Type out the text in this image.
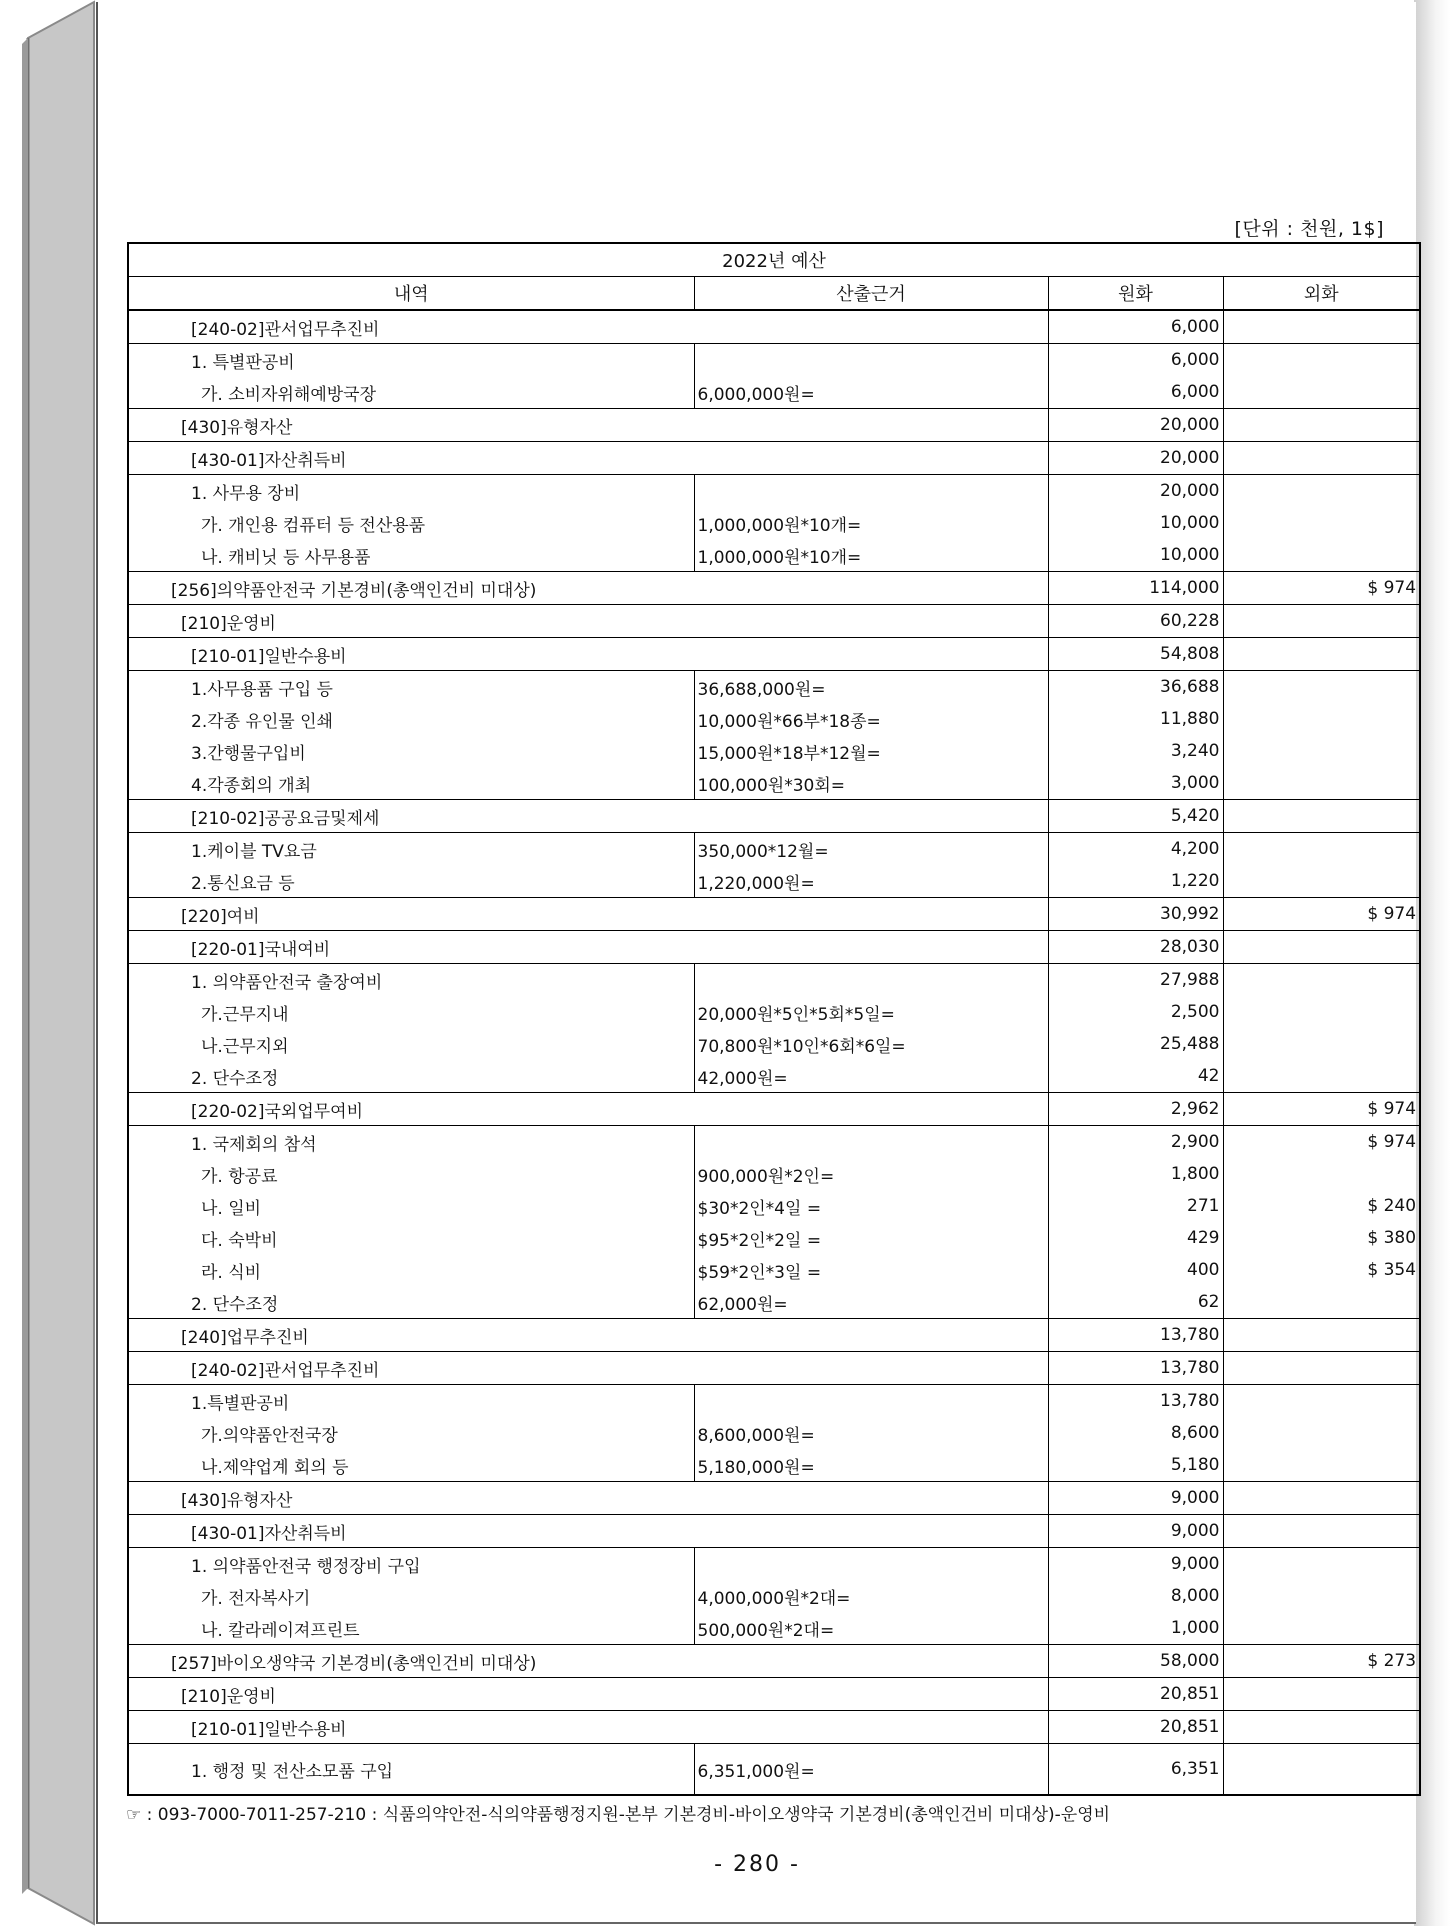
[단위 : 천원, 1$]
2022년 예산			
내역	산출근거	원화	외화
[240-02]관서업무추진비		6,000	
1. 특별판공비		6,000	
가. 소비자위해예방국장	6,000,000원=	6,000	
[430]유형자산		20,000	
[430-01]자산취득비		20,000	
1. 사무용 장비		20,000	
가. 개인용 컴퓨터 등 전산용품	1,000,000원*10개=	10,000	
나. 캐비닛 등 사무용품	1,000,000원*10개=	10,000	
[256]의약품안전국 기본경비(총액인건비 미대상)		114,000	$ 974
[210]운영비		60,228	
[210-01]일반수용비		54,808	
1.사무용품 구입 등	36,688,000원=	36,688	
2.각종 유인물 인쇄	10,000원*66부*18종=	11,880	
3.간행물구입비	15,000원*18부*12월=	3,240	
4.각종회의 개최	100,000원*30회=	3,000	
[210-02]공공요금및제세		5,420	
1.케이블 TV요금	350,000*12월=	4,200	
2.통신요금 등	1,220,000원=	1,220	
[220]여비		30,992	$ 974
[220-01]국내여비		28,030	
1. 의약품안전국 출장여비		27,988	
가.근무지내	20,000원*5인*5회*5일=	2,500	
나.근무지외	70,800원*10인*6회*6일=	25,488	
2. 단수조정	42,000원=	42	
[220-02]국외업무여비		2,962	$ 974
1. 국제회의 참석		2,900	$ 974
가. 항공료	900,000원*2인=	1,800	
나. 일비	$30*2인*4일 =	271	$ 240
다. 숙박비	$95*2인*2일 =	429	$ 380
라. 식비	$59*2인*3일 =	400	$ 354
2. 단수조정	62,000원=	62	
[240]업무추진비		13,780	
[240-02]관서업무추진비		13,780	
1.특별판공비		13,780	
가.의약품안전국장	8,600,000원=	8,600	
나.제약업계 회의 등	5,180,000원=	5,180	
[430]유형자산		9,000	
[430-01]자산취득비		9,000	
1. 의약품안전국 행정장비 구입		9,000	
가. 전자복사기	4,000,000원*2대=	8,000	
나. 칼라레이져프린트	500,000원*2대=	1,000	
[257]바이오생약국 기본경비(총액인건비 미대상)		58,000	$ 273
[210]운영비		20,851	
[210-01]일반수용비		20,851	
1. 행정 및 전산소모품 구입	6,351,000원=	6,351	
☞ : 093-7000-7011-257-210 : 식품의약안전-식의약품행정지원-본부 기본경비-바이오생약국 기본경비(총액인건비 미대상)-운영비
- 280 -
